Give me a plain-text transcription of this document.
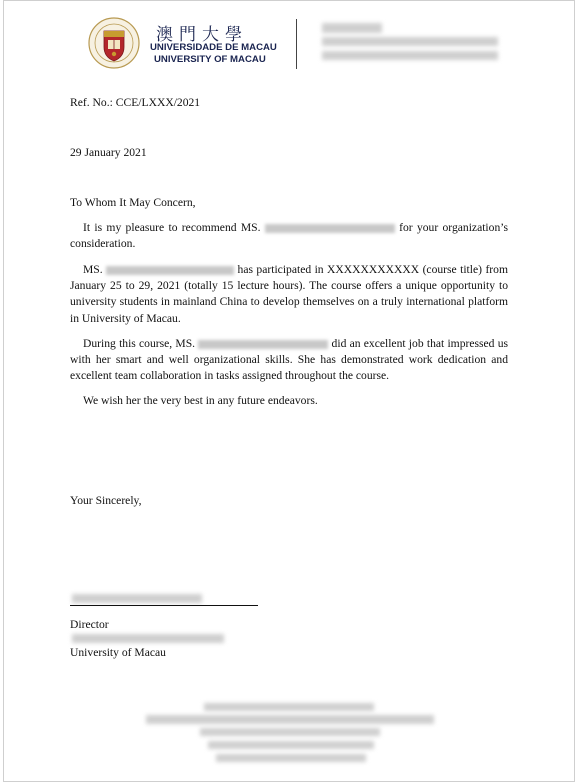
澳門大學
UNIVERSIDADE DE MACAU
UNIVERSITY OF MACAU
Ref. No.: CCE/LXXX/2021
29 January 2021
To Whom It May Concern,
It is my pleasure to recommend MS.	for your organization’s consideration.
MS.	has participated in XXXXXXXXXXX (course title) from January 25 to 29, 2021 (totally 15 lecture hours). The course offers a unique opportunity to university students in mainland China to develop themselves on a truly international platform in University of Macau.
During this course, MS.	did an excellent job that impressed us with her smart and well organizational skills. She has demonstrated work dedication and excellent team collaboration in tasks assigned throughout the course.
We wish her the very best in any future endeavors.
Your Sincerely,
Director
University of Macau
